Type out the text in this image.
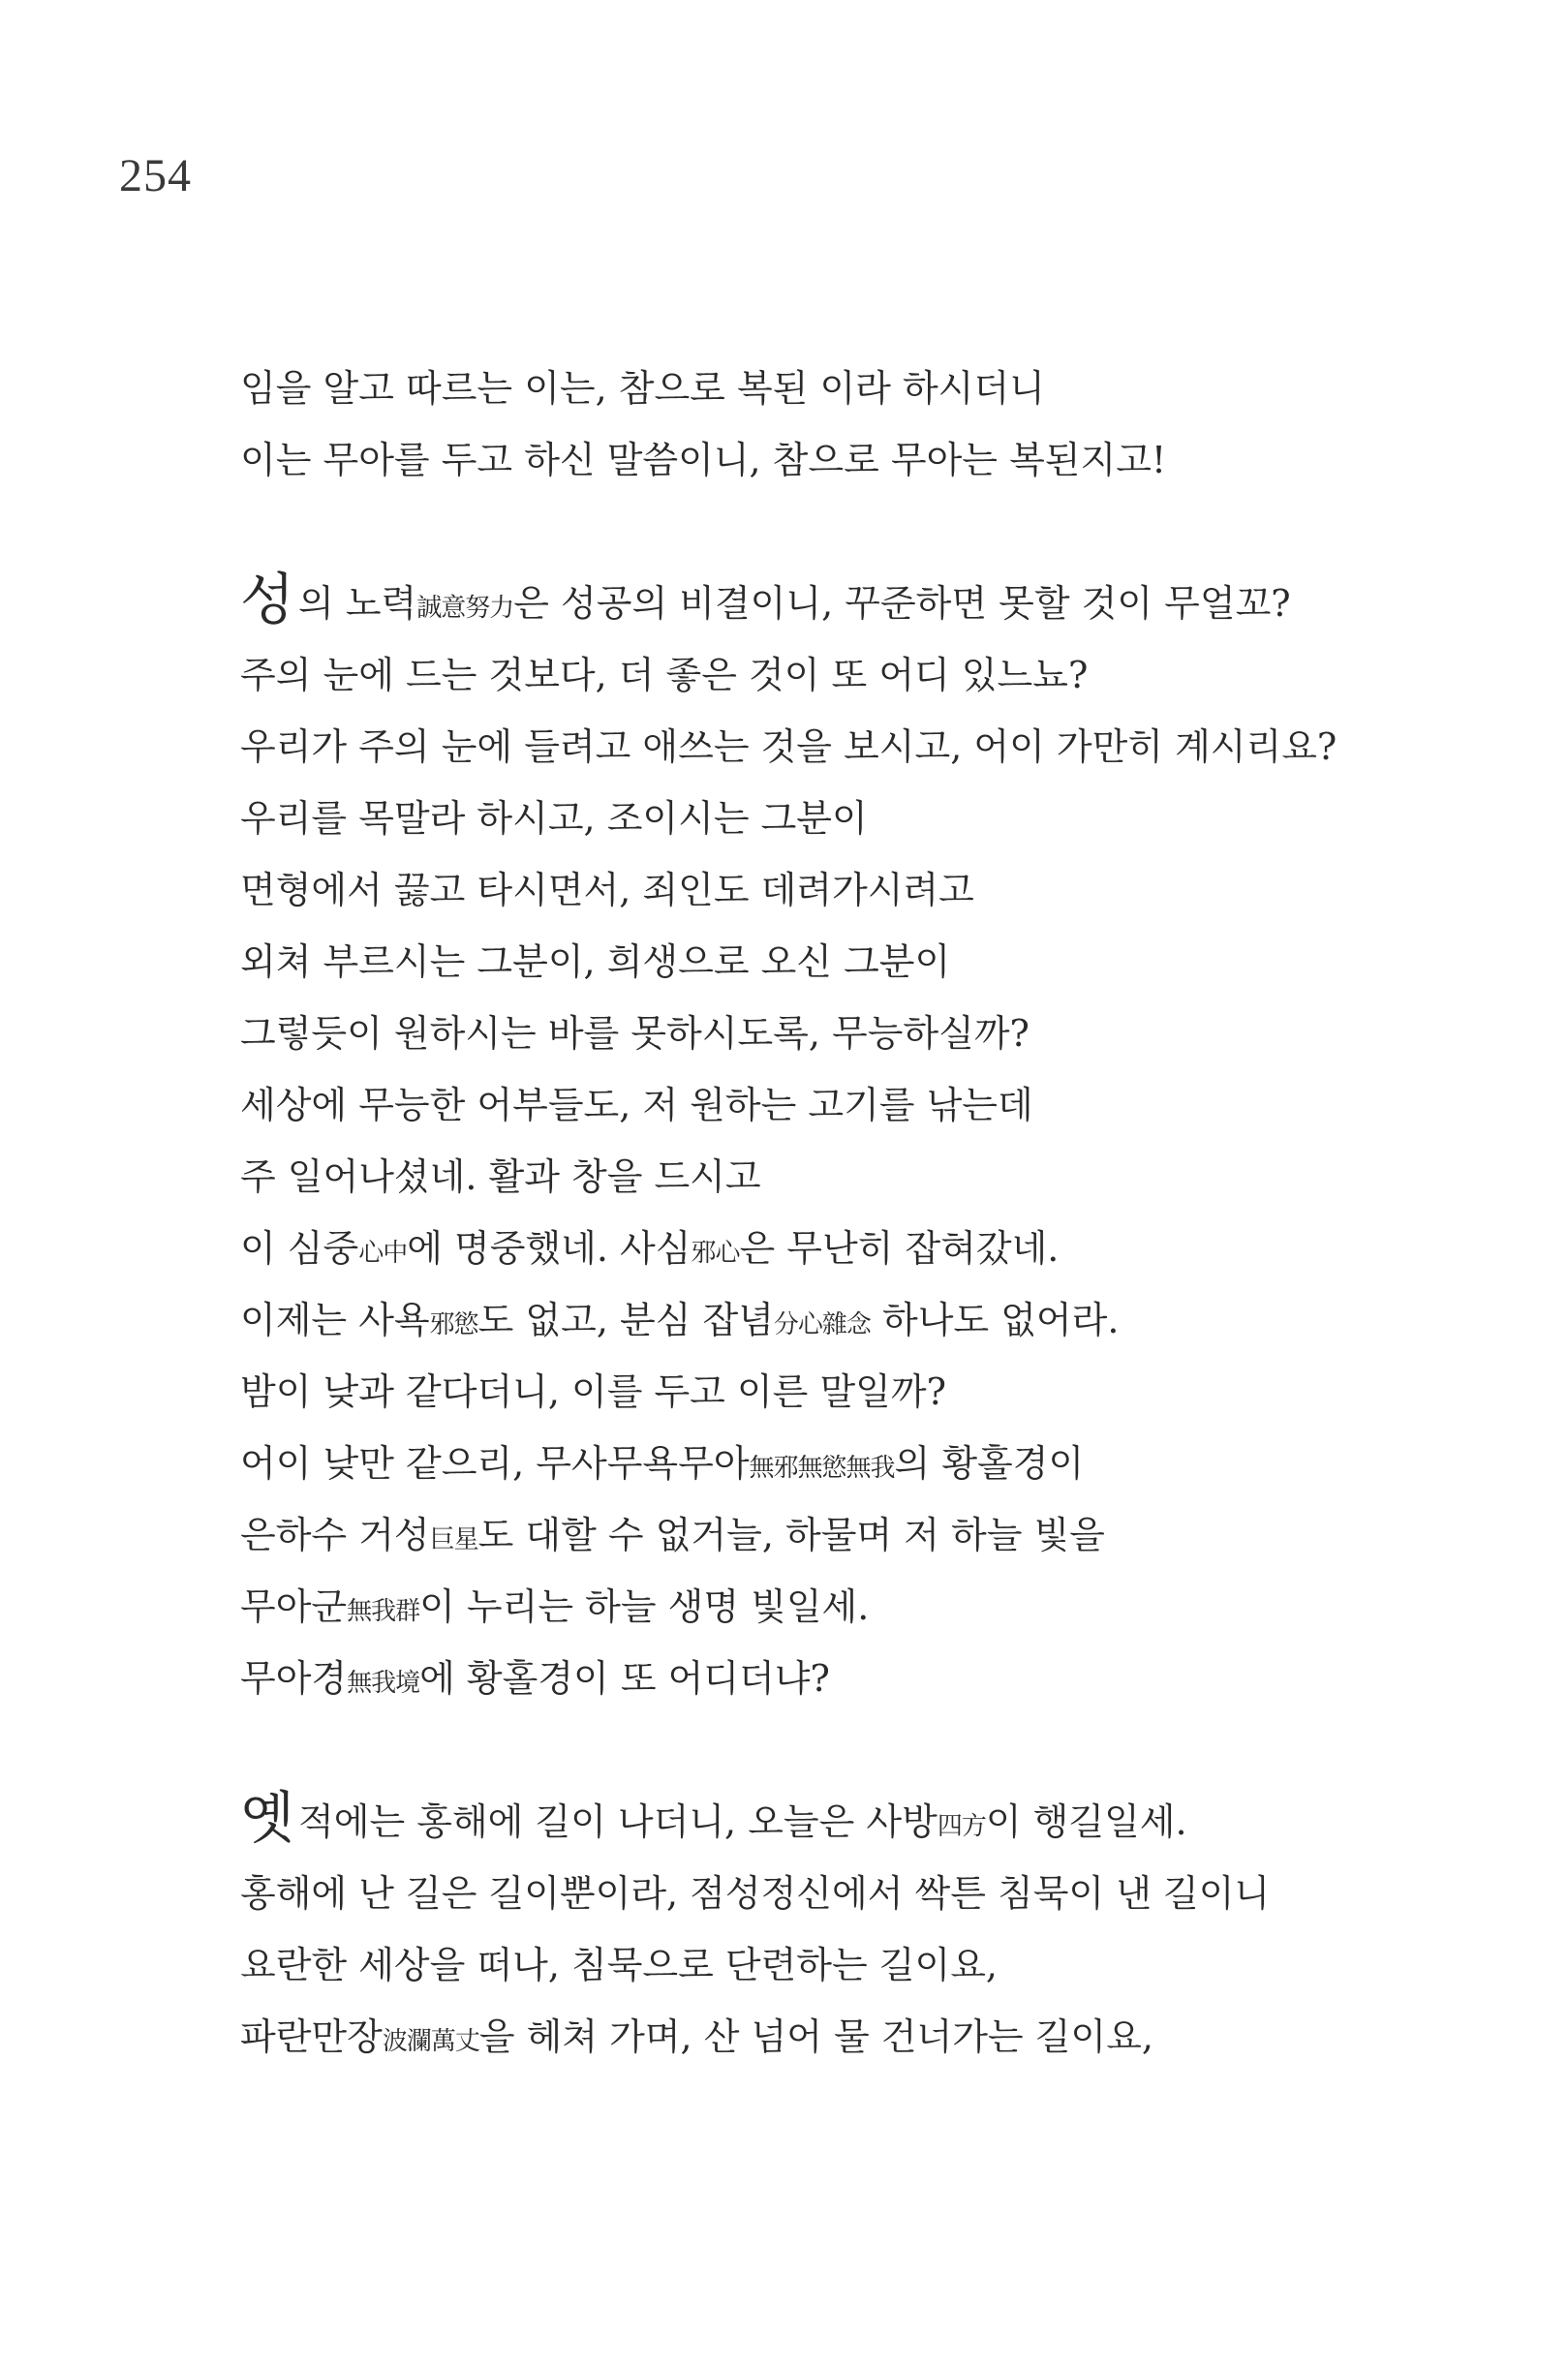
254
임을 알고 따르는 이는, 참으로 복된 이라 하시더니
이는 무아를 두고 하신 말씀이니, 참으로 무아는 복된지고!
성의 노력誠意努力은 성공의 비결이니, 꾸준하면 못할 것이 무얼꼬?
주의 눈에 드는 것보다, 더 좋은 것이 또 어디 있느뇨?
우리가 주의 눈에 들려고 애쓰는 것을 보시고, 어이 가만히 계시리요?
우리를 목말라 하시고, 조이시는 그분이
면형에서 끓고 타시면서, 죄인도 데려가시려고
외쳐 부르시는 그분이, 희생으로 오신 그분이
그렇듯이 원하시는 바를 못하시도록, 무능하실까?
세상에 무능한 어부들도, 저 원하는 고기를 낚는데
주 일어나셨네. 활과 창을 드시고
이 심중心中에 명중했네. 사심邪心은 무난히 잡혀갔네.
이제는 사욕邪慾도 없고, 분심 잡념分心雜念 하나도 없어라.
밤이 낮과 같다더니, 이를 두고 이른 말일까?
어이 낮만 같으리, 무사무욕무아無邪無慾無我의 황홀경이
은하수 거성巨星도 대할 수 없거늘, 하물며 저 하늘 빛을
무아군無我群이 누리는 하늘 생명 빛일세.
무아경無我境에 황홀경이 또 어디더냐?
옛적에는 홍해에 길이 나더니, 오늘은 사방四方이 행길일세.
홍해에 난 길은 길이뿐이라, 점성정신에서 싹튼 침묵이 낸 길이니
요란한 세상을 떠나, 침묵으로 단련하는 길이요,
파란만장波瀾萬丈을 헤쳐 가며, 산 넘어 물 건너가는 길이요,
